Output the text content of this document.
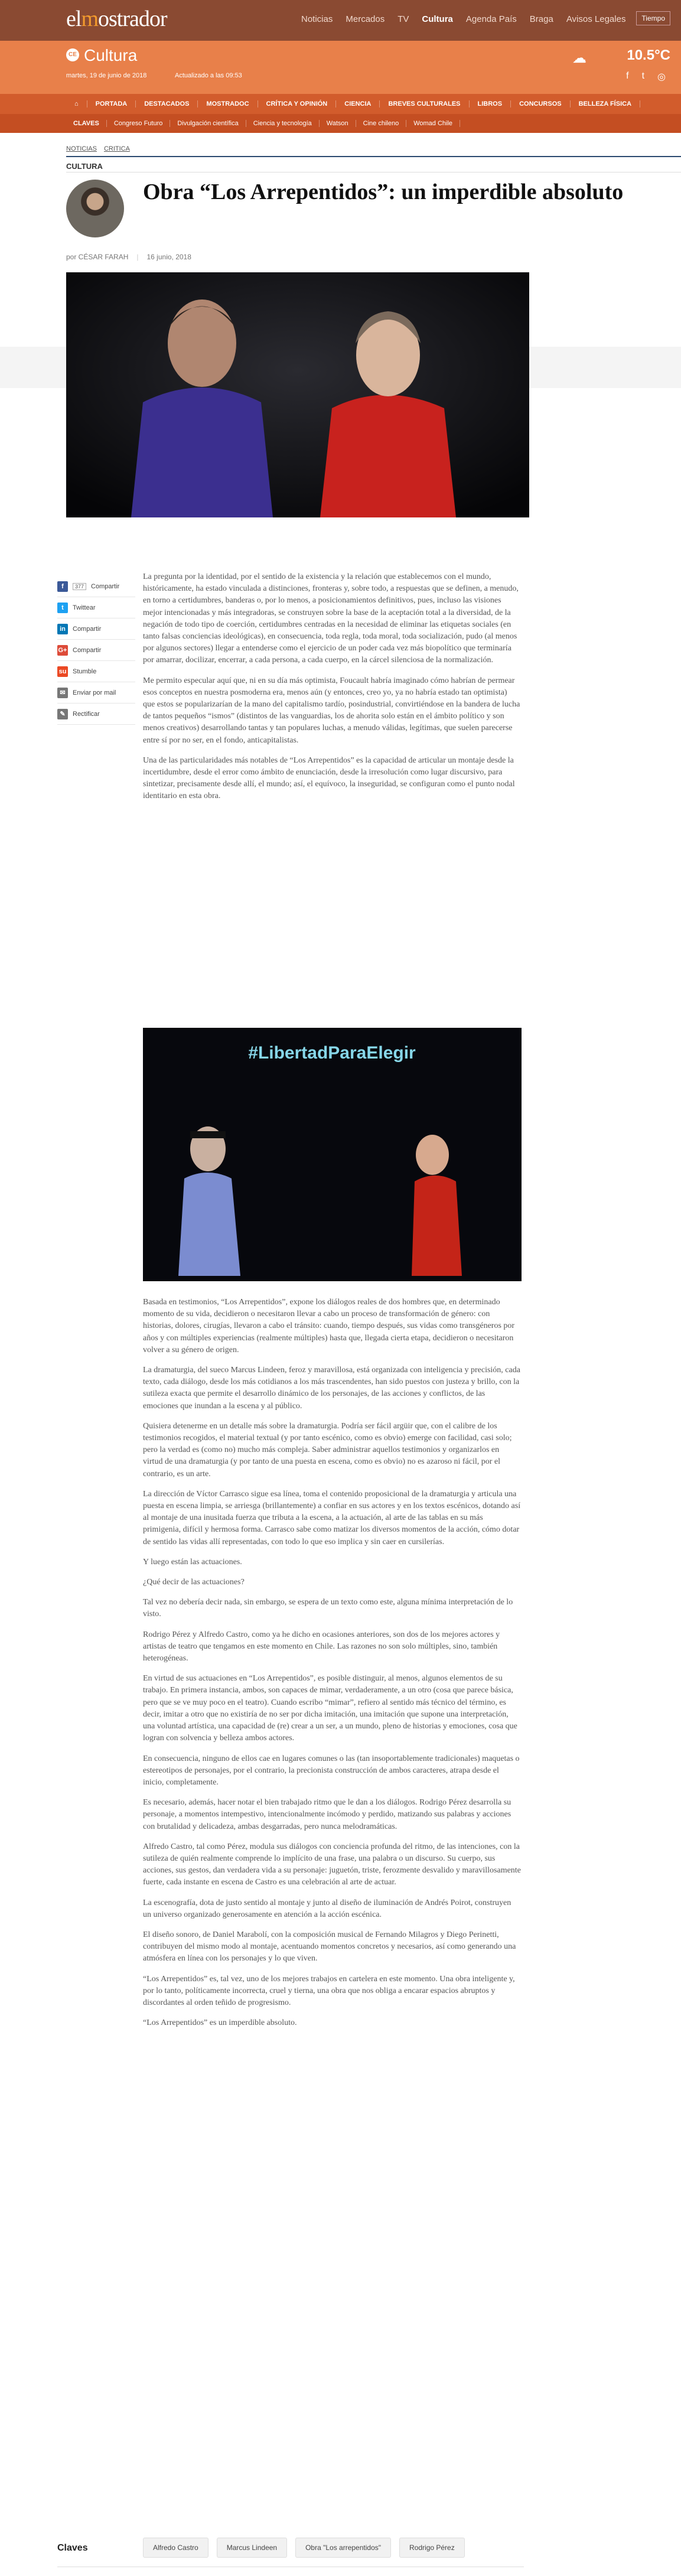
elmostrador	Noticias Mercados TV Cultura Agenda País Braga Avisos Legales	Tiempo
CE Cultura
martes, 19 de junio de 2018	Actualizado a las 09:53
☁	10.5°C
f t ◎
⌂	PORTADA	DESTACADOS	MOSTRADOC	CRÍTICA Y OPINIÓN	CIENCIA	BREVES CULTURALES	LIBROS	CONCURSOS	BELLEZA FÍSICA
CLAVES	Congreso Futuro	Divulgación científica	Ciencia y tecnología	Watson	Cine chileno	Womad Chile
NOTICIAS CRITICA
CULTURA
Obra “Los Arrepentidos”: un imperdible absoluto
por CÉSAR FARAH | 16 junio, 2018
f	377	Compartir
t	Twittear
in	Compartir
G+ Compartir
su Stumble
✉	Enviar por mail
✎	Rectificar

La pregunta por la identidad, por el sentido de la existencia y la relación que establecemos con el mundo, históricamente, ha estado vinculada a distinciones, fronteras y, sobre todo, a respuestas que se definen, a menudo, en torno a certidumbres, banderas o, por lo menos, a posicionamientos definitivos, pues, incluso las visiones mejor intencionadas y más integradoras, se construyen sobre la base de la aceptación total a la diversidad, de la negación de todo tipo de coerción, certidumbres centradas en la necesidad de eliminar las etiquetas sociales (en tanto falsas conciencias ideológicas), en consecuencia, toda regla, toda moral, toda socialización, pudo (al menos por algunos sectores) llegar a entenderse como el ejercicio de un poder cada vez más biopolítico que terminaría por amarrar, docilizar, encerrar, a cada persona, a cada cuerpo, en la cárcel silenciosa de la normalización.

Me permito especular aquí que, ni en su día más optimista, Foucault habría imaginado cómo habrían de permear esos conceptos en nuestra posmoderna era, menos aún (y entonces, creo yo, ya no habría estado tan optimista) que estos se popularizarían de la mano del capitalismo tardío, posindustrial, convirtiéndose en la bandera de lucha de tantos pequeños “ismos” (distintos de las vanguardias, los de ahorita solo están en el ámbito político y son menos creativos) desarrollando tantas y tan populares luchas, a menudo válidas, legítimas, que suelen parecerse entre sí por no ser, en el fondo, anticapitalistas.

Una de las particularidades más notables de “Los Arrepentidos” es la capacidad de articular un montaje desde la incertidumbre, desde el error como ámbito de enunciación, desde la irresolución como lugar discursivo, para sintetizar, precisamente desde allí, el mundo; así, el equívoco, la inseguridad, se configuran como el punto nodal identitario en esta obra.

#LibertadParaElegir

Basada en testimonios, “Los Arrepentidos”, expone los diálogos reales de dos hombres que, en determinado momento de su vida, decidieron o necesitaron llevar a cabo un proceso de transformación de género: con historias, dolores, cirugías, llevaron a cabo el tránsito: cuando, tiempo después, sus vidas como transgéneros por años y con múltiples experiencias (realmente múltiples) hasta que, llegada cierta etapa, decidieron o necesitaron volver a su género de origen.

La dramaturgia, del sueco Marcus Lindeen, feroz y maravillosa, está organizada con inteligencia y precisión, cada texto, cada diálogo, desde los más cotidianos a los más trascendentes, han sido puestos con justeza y brillo, con la sutileza exacta que permite el desarrollo dinámico de los personajes, de las acciones y conflictos, de las emociones que inundan a la escena y al público.

Quisiera detenerme en un detalle más sobre la dramaturgia. Podría ser fácil argüir que, con el calibre de los testimonios recogidos, el material textual (y por tanto escénico, como es obvio) emerge con facilidad, casi solo; pero la verdad es (como no) mucho más compleja. Saber administrar aquellos testimonios y organizarlos en virtud de una dramaturgia (y por tanto de una puesta en escena, como es obvio) no es azaroso ni fácil, por el contrario, es un arte.

La dirección de Víctor Carrasco sigue esa línea, toma el contenido proposicional de la dramaturgia y articula una puesta en escena limpia, se arriesga (brillantemente) a confiar en sus actores y en los textos escénicos, dotando así al montaje de una inusitada fuerza que tributa a la escena, a la actuación, al arte de las tablas en su más primigenia, difícil y hermosa forma. Carrasco sabe como matizar los diversos momentos de la acción, cómo dotar de sentido las vidas allí representadas, con todo lo que eso implica y sin caer en cursilerías.

Y luego están las actuaciones.

¿Qué decir de las actuaciones?

Tal vez no debería decir nada, sin embargo, se espera de un texto como este, alguna mínima interpretación de lo visto.

Rodrigo Pérez y Alfredo Castro, como ya he dicho en ocasiones anteriores, son dos de los mejores actores y artistas de teatro que tengamos en este momento en Chile. Las razones no son solo múltiples, sino, también heterogéneas.

En virtud de sus actuaciones en “Los Arrepentidos”, es posible distinguir, al menos, algunos elementos de su trabajo. En primera instancia, ambos, son capaces de mimar, verdaderamente, a un otro (cosa que parece básica, pero que se ve muy poco en el teatro). Cuando escribo “mimar”, refiero al sentido más técnico del término, es decir, imitar a otro que no existiría de no ser por dicha imitación, una imitación que supone una interpretación, una voluntad artística, una capacidad de (re) crear a un ser, a un mundo, pleno de historias y emociones, cosa que logran con solvencia y belleza ambos actores.

En consecuencia, ninguno de ellos cae en lugares comunes o las (tan insoportablemente tradicionales) maquetas o estereotipos de personajes, por el contrario, la precionista construcción de ambos caracteres, atrapa desde el inicio, completamente.

Es necesario, además, hacer notar el bien trabajado ritmo que le dan a los diálogos. Rodrigo Pérez desarrolla su personaje, a momentos intempestivo, intencionalmente incómodo y perdido, matizando sus palabras y acciones con brutalidad y delicadeza, ambas desgarradas, pero nunca melodramáticas.

Alfredo Castro, tal como Pérez, modula sus diálogos con conciencia profunda del ritmo, de las intenciones, con la sutileza de quién realmente comprende lo implícito de una frase, una palabra o un discurso. Su cuerpo, sus acciones, sus gestos, dan verdadera vida a su personaje: juguetón, triste, ferozmente desvalido y maravillosamente fuerte, cada instante en escena de Castro es una celebración al arte de actuar.

La escenografía, dota de justo sentido al montaje y junto al diseño de iluminación de Andrés Poirot, construyen un universo organizado generosamente en atención a la acción escénica.

El diseño sonoro, de Daniel Marabolí, con la composición musical de Fernando Milagros y Diego Perinetti, contribuyen del mismo modo al montaje, acentuando momentos concretos y necesarios, así como generando una atmósfera en línea con los personajes y lo que viven.

“Los Arrepentidos” es, tal vez, uno de los mejores trabajos en cartelera en este momento. Una obra inteligente y, por lo tanto, políticamente incorrecta, cruel y tierna, una obra que nos obliga a encarar espacios abruptos y discordantes al orden teñido de progresismo.

“Los Arrepentidos” es un imperdible absoluto.

Claves	Alfredo Castro	Marcus Lindeen	Obra "Los arrepentidos"	Rodrigo Pérez
